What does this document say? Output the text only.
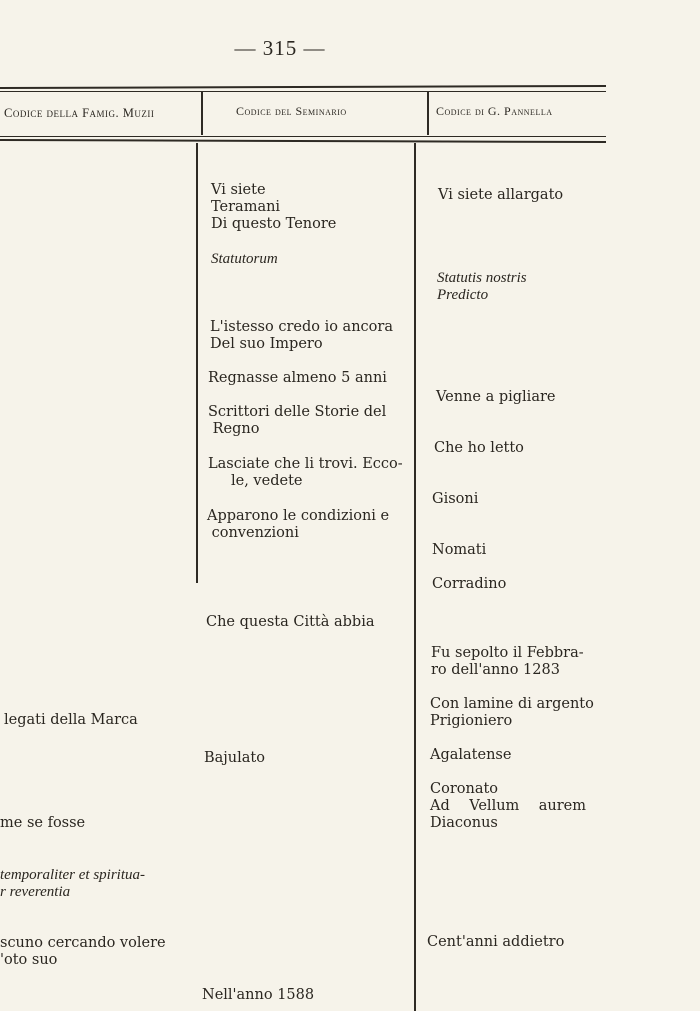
— 315 —
Codice della Famig. Muzii	Codice del Seminario	Codice di G. Pannella
legati della Marca
me se fosse
temporaliter et spiritua-
r reverentia
scuno cercando volere
'oto suo
Vi siete
Teramani
Di questo Tenore
Statutorum
L'istesso credo io ancora
Del suo Impero
Regnasse almeno 5 anni
Scrittori delle Storie del
Regno
Lasciate che li trovi. Ecco-
le, vedete
Apparono le condizioni e
convenzioni
Che questa Città abbia
Bajulato
Nell'anno 1588
Vi siete allargato
Statutis nostris
Predicto
Venne a pigliare
Che ho letto
Gisoni
Nomati
Corradino
Fu sepolto il Febbra-
ro dell'anno 1283
Con lamine di argento
Prigioniero
Agalatense
Coronato
Ad Vellum aurem
Diaconus
Cent'anni addietro
